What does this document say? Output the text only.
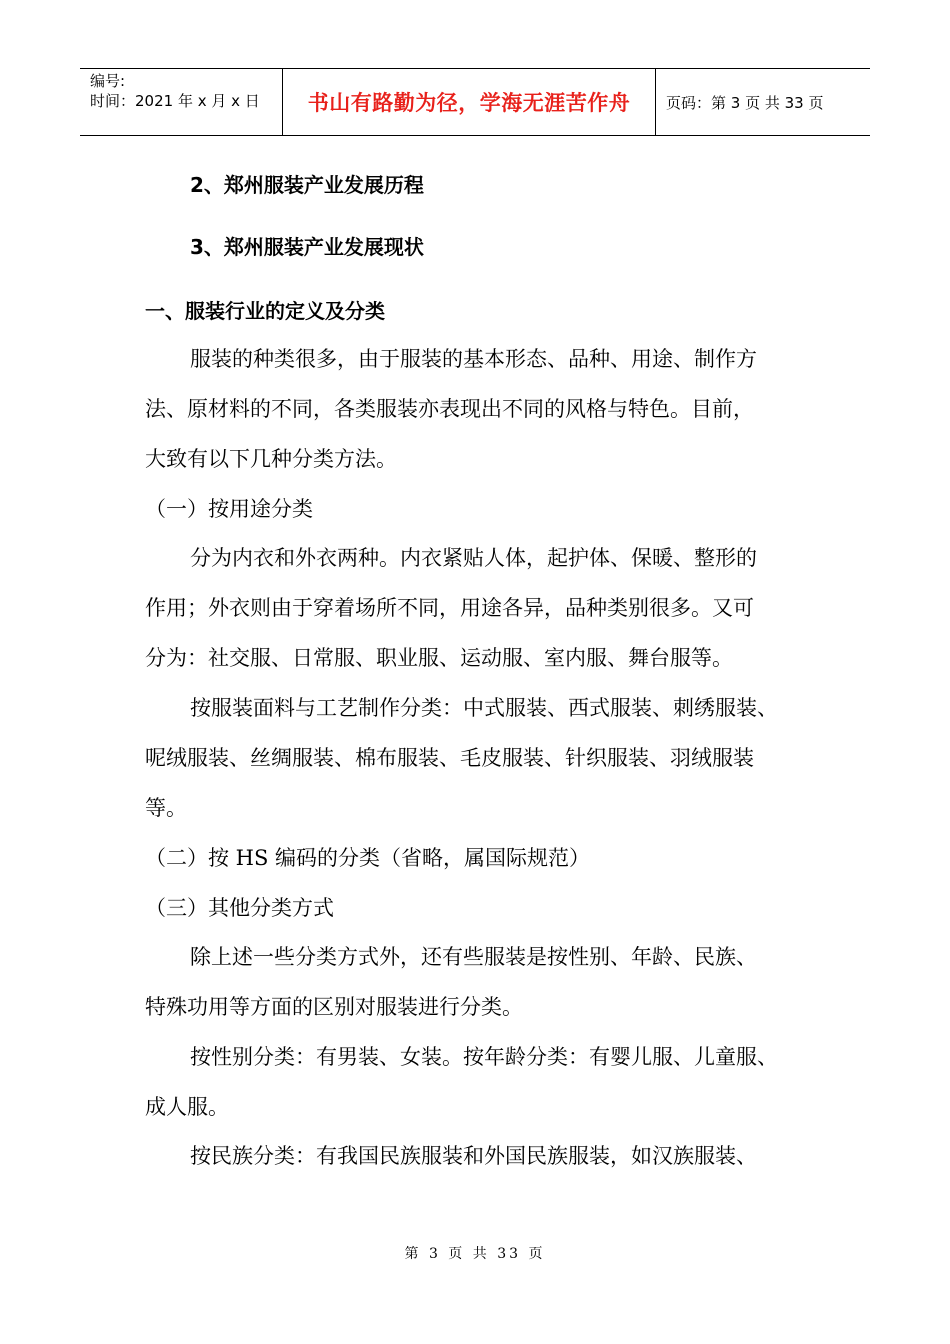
编号:
时间：2021 年 x 月 x 日	书山有路勤为径，学海无涯苦作舟	页码：第 3 页 共 33 页
2、郑州服装产业发展历程
3、郑州服装产业发展现状
一、服装行业的定义及分类
服装的种类很多，由于服装的基本形态、品种、用途、制作方
法、原材料的不同，各类服装亦表现出不同的风格与特色。目前，
大致有以下几种分类方法。
（一）按用途分类
分为内衣和外衣两种。内衣紧贴人体，起护体、保暖、整形的
作用；外衣则由于穿着场所不同，用途各异，品种类别很多。又可
分为：社交服、日常服、职业服、运动服、室内服、舞台服等。
按服装面料与工艺制作分类：中式服装、西式服装、刺绣服装、
呢绒服装、丝绸服装、棉布服装、毛皮服装、针织服装、羽绒服装
等。
（二）按 HS 编码的分类（省略，属国际规范）
（三）其他分类方式
除上述一些分类方式外，还有些服装是按性别、年龄、民族、
特殊功用等方面的区别对服装进行分类。
按性别分类：有男装、女装。按年龄分类：有婴儿服、儿童服、
成人服。
按民族分类：有我国民族服装和外国民族服装，如汉族服装、
第 3 页 共 33 页
